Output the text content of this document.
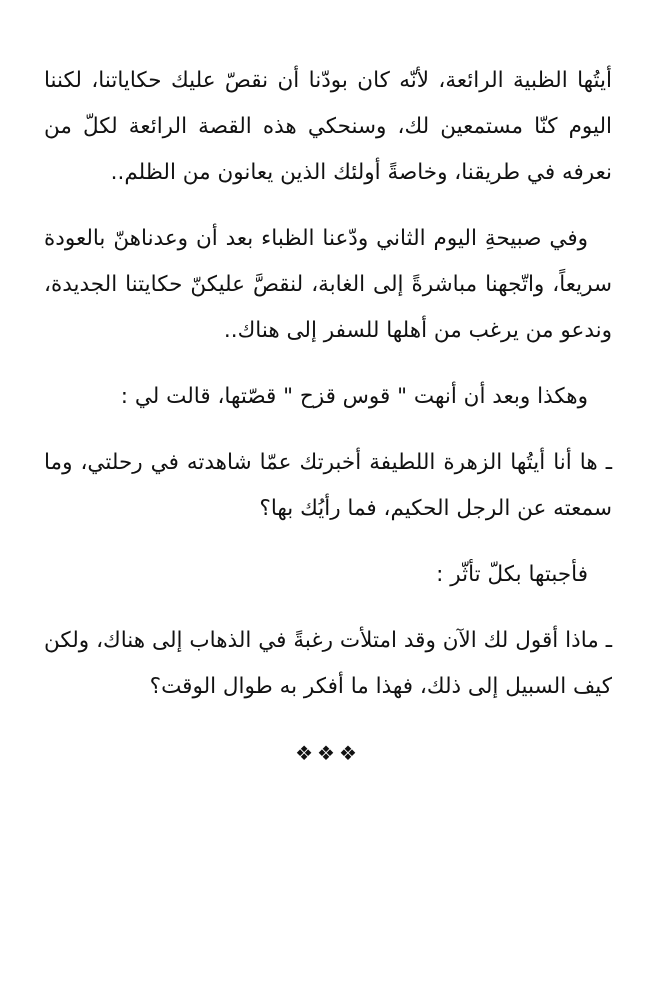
أيتُها الظبية الرائعة، لأنّه كان بودّنا أن نقصّ عليك حكاياتنا، لكننا اليوم كنّا مستمعين لك، وسنحكي هذه القصة الرائعة لكلّ من نعرفه في طريقنا، وخاصةً أولئك الذين يعانون من الظلم..

وفي صبيحةِ اليوم الثاني ودّعنا الظباء بعد أن وعدناهنّ بالعودة سريعاً، واتّجهنا مباشرةً إلى الغابة، لنقصَّ عليكنّ حكايتنا الجديدة، وندعو من يرغب من أهلها للسفر إلى هناك..

وهكذا وبعد أن أنهت " قوس قزح " قصّتها، قالت لي :

ـ ها أنا أيتُها الزهرة اللطيفة أخبرتك عمّا شاهدته في رحلتي، وما سمعته عن الرجل الحكيم، فما رأيُك بها؟

فأجبتها بكلّ تأثّر :

ـ ماذا أقول لك الآن وقد امتلأت رغبةً في الذهاب إلى هناك، ولكن كيف السبيل إلى ذلك، فهذا ما أفكر به طوال الوقت؟

❖❖❖
